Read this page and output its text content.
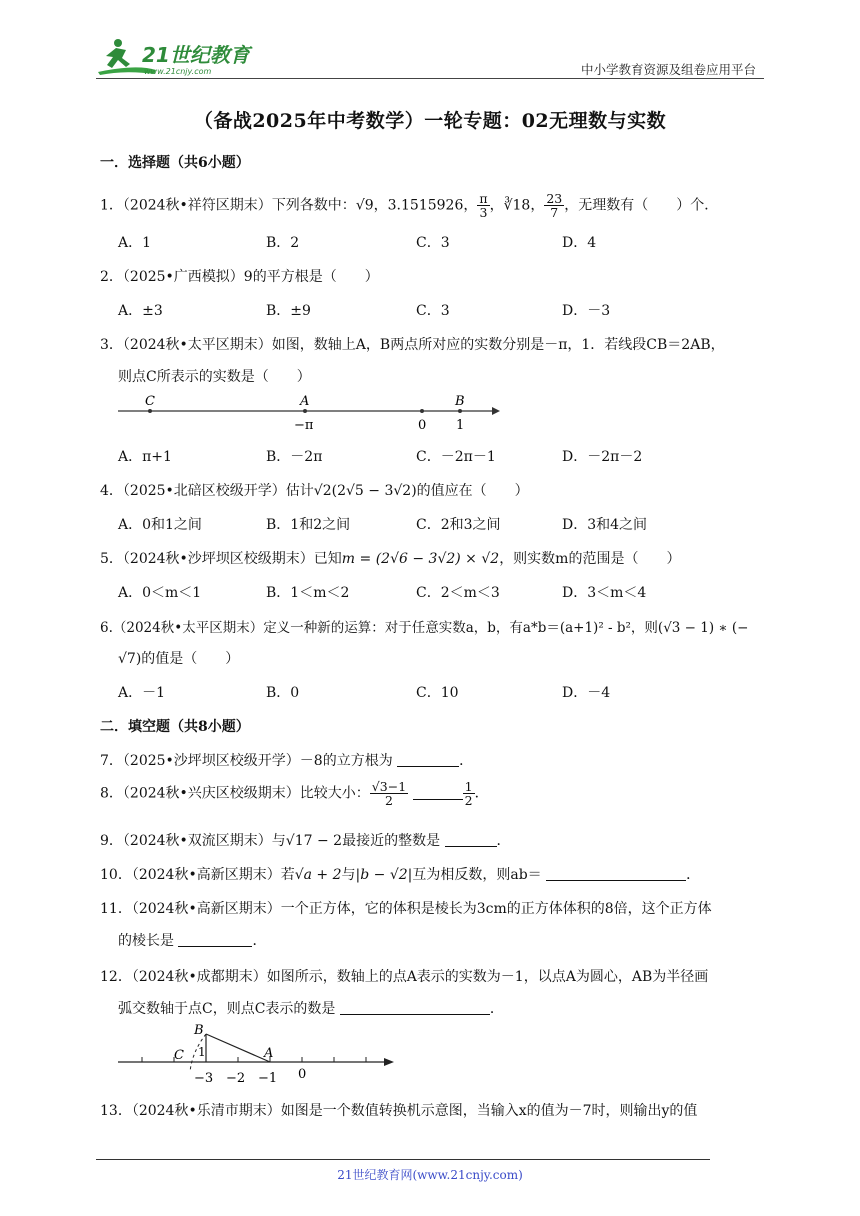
21世纪教育
www.21cnjy.com	中小学教育资源及组卷应用平台
（备战2025年中考数学）一轮专题：02无理数与实数
一．选择题（共6小题）
1．（2024秋•祥符区期末）下列各数中：√9，3.1515926， $\frac{\pi}{3}$ ，∛18， $\frac{23}{7}$ ，无理数有（　　）个．
A．1	B．2	C．3	D．4
2．（2025•广西模拟）9的平方根是（　　）
A．±3	B．±9	C．3	D．－3
3．（2024秋•太平区期末）如图，数轴上A，B两点所对应的实数分别是－π，1．若线段CB＝2AB，
则点C所表示的实数是（　　）
C	A	B
−π	0 1
A．π+1	B．－2π	C．－2π－1	D．－2π－2
4．（2025•北碚区校级开学）估计√2(2√5 − 3√2)的值应在（　　）
A．0和1之间	B．1和2之间	C．2和3之间	D．3和4之间
5．（2024秋•沙坪坝区校级期末）已知m = (2√6 − 3√2) × √2，则实数m的范围是（　　）
A．0＜m＜1	B．1＜m＜2	C．2＜m＜3	D．3＜m＜4
6.（2024秋•太平区期末）定义一种新的运算：对于任意实数a，b，有a*b＝(a+1)² - b²，则(√3 − 1) ∗ (−
√7)的值是（　　）
A．－1	B．0	C．10	D．－4
二．填空题（共8小题）
7．（2025•沙坪坝区校级开学）－8的立方根为	．
8．（2024秋•兴庆区校级期末）比较大小： $\frac{√3-1}{2}$
	$\frac{1}{2}$ ．
9．（2024秋•双流区期末）与√17 − 2最接近的整数是	．
10．（2024秋•高新区期末）若√a + 2与|b − √2|互为相反数，则ab＝	．
11．（2024秋•高新区期末）一个正方体，它的体积是棱长为3cm的正方体体积的8倍，这个正方体
的棱长是	．
12．（2024秋•成都期末）如图所示，数轴上的点A表示的实数为－1，以点A为圆心，AB为半径画
弧交数轴于点C，则点C表示的数是	．
B
C	A
1
−3 −2 −1 0
13．（2024秋•乐清市期末）如图是一个数值转换机示意图，当输入x的值为－7时，则输出y的值
21世纪教育网(www.21cnjy.com)
